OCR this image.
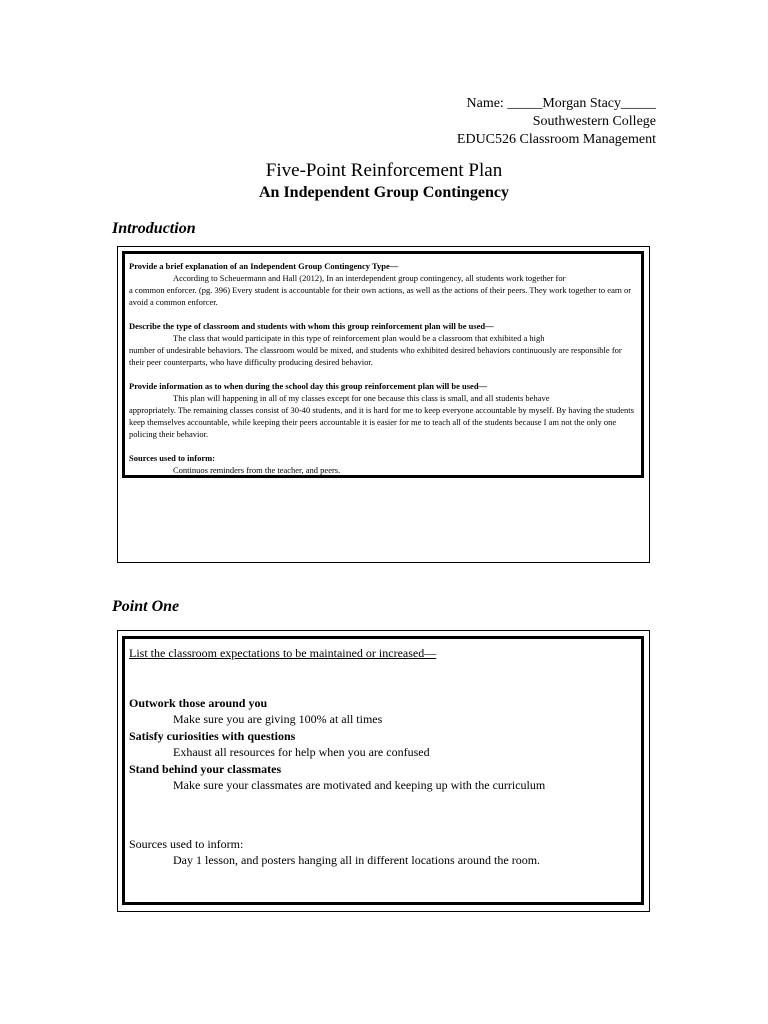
Name: _____Morgan Stacy_____
Southwestern College
EDUC526 Classroom Management
Five-Point Reinforcement Plan
An Independent Group Contingency
Introduction

Provide a brief explanation of an Independent Group Contingency Type—

According to Scheuermann and Hall (2012), In an interdependent group contingency, all students work together for

a common enforcer. (pg. 396) Every student is accountable for their own actions, as well as the actions of their peers. They work together to earn or avoid a common enforcer.

Describe the type of classroom and students with whom this group reinforcement plan will be used—

The class that would participate in this type of reinforcement plan would be a classroom that exhibited a high

number of undesirable behaviors. The classroom would be mixed, and students who exhibited desired behaviors continuously are responsible for their peer counterparts, who have difficulty producing desired behavior.

Provide information as to when during the school day this group reinforcement plan will be used—

This plan will happening in all of my classes except for one because this class is small, and all students behave

appropriately. The remaining classes consist of 30-40 students, and it is hard for me to keep everyone accountable by myself. By having the students keep themselves accountable, while keeping their peers accountable it is easier for me to teach all of the students because I am not the only one policing their behavior.

Sources used to inform:

Continuos reminders from the teacher, and peers.

Point One

List the classroom expectations to be maintained or increased—

Outwork those around you

Make sure you are giving 100% at all times

Satisfy curiosities with questions

Exhaust all resources for help when you are confused

Stand behind your classmates

Make sure your classmates are motivated and keeping up with the curriculum

Sources used to inform:

Day 1 lesson, and posters hanging all in different locations around the room.
